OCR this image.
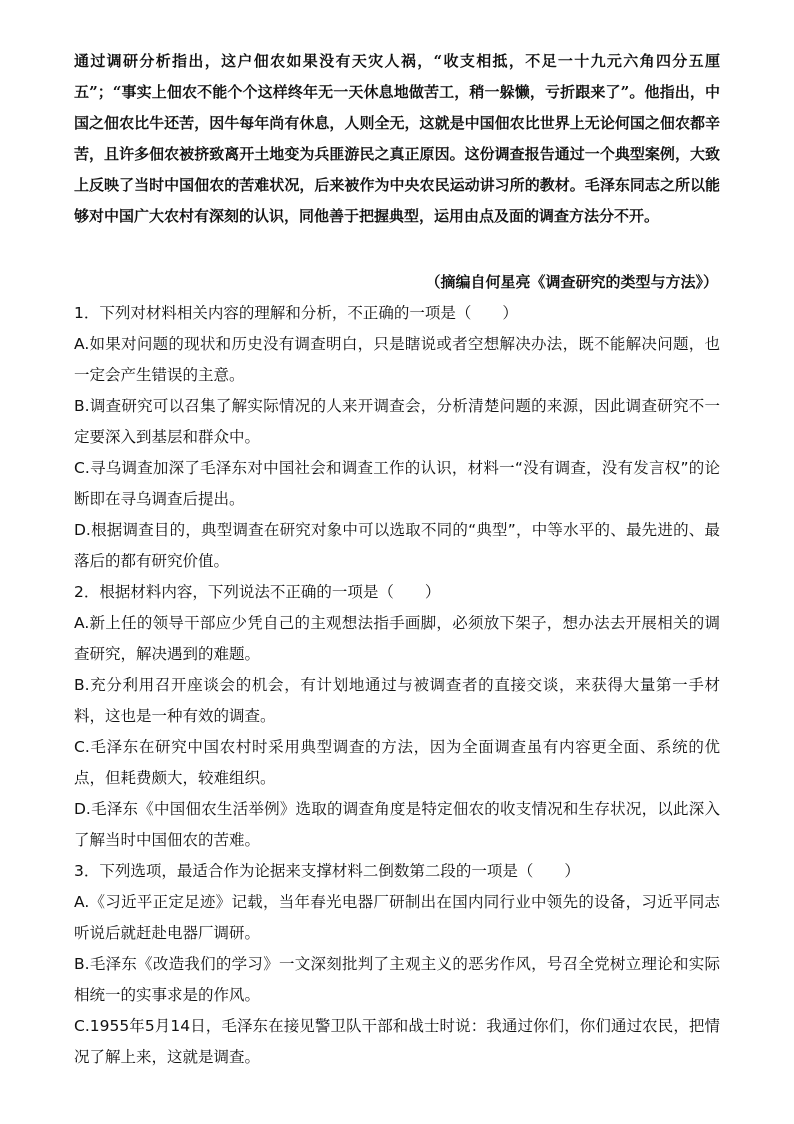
通过调研分析指出，这户佃农如果没有天灾人祸，“收支相抵，不足一十九元六角四分五厘五”；“事实上佃农不能个个这样终年无一天休息地做苦工，稍一躲懒，亏折跟来了”。他指出，中国之佃农比牛还苦，因牛每年尚有休息，人则全无，这就是中国佃农比世界上无论何国之佃农都辛苦，且许多佃农被挤致离开土地变为兵匪游民之真正原因。这份调查报告通过一个典型案例，大致上反映了当时中国佃农的苦难状况，后来被作为中央农民运动讲习所的教材。毛泽东同志之所以能够对中国广大农村有深刻的认识，同他善于把握典型，运用由点及面的调查方法分不开。

（摘编自何星亮《调查研究的类型与方法》）

1．下列对材料相关内容的理解和分析，不正确的一项是（　　）

A.如果对问题的现状和历史没有调查明白，只是瞎说或者空想解决办法，既不能解决问题，也一定会产生错误的主意。

B.调查研究可以召集了解实际情况的人来开调查会，分析清楚问题的来源，因此调查研究不一定要深入到基层和群众中。

C.寻乌调查加深了毛泽东对中国社会和调查工作的认识，材料一“没有调查，没有发言权”的论断即在寻乌调查后提出。

D.根据调查目的，典型调查在研究对象中可以选取不同的“典型”，中等水平的、最先进的、最落后的都有研究价值。

2．根据材料内容，下列说法不正确的一项是（　　）

A.新上任的领导干部应少凭自己的主观想法指手画脚，必须放下架子，想办法去开展相关的调查研究，解决遇到的难题。

B.充分利用召开座谈会的机会，有计划地通过与被调查者的直接交谈，来获得大量第一手材料，这也是一种有效的调查。

C.毛泽东在研究中国农村时采用典型调查的方法，因为全面调查虽有内容更全面、系统的优点，但耗费颇大，较难组织。

D.毛泽东《中国佃农生活举例》选取的调查角度是特定佃农的收支情况和生存状况，以此深入了解当时中国佃农的苦难。

3．下列选项，最适合作为论据来支撑材料二倒数第二段的一项是（　　）

A.《习近平正定足迹》记载，当年春光电器厂研制出在国内同行业中领先的设备，习近平同志听说后就赶赴电器厂调研。

B.毛泽东《改造我们的学习》一文深刻批判了主观主义的恶劣作风，号召全党树立理论和实际相统一的实事求是的作风。

C.1955年5月14日，毛泽东在接见警卫队干部和战士时说：我通过你们，你们通过农民，把情况了解上来，这就是调查。
